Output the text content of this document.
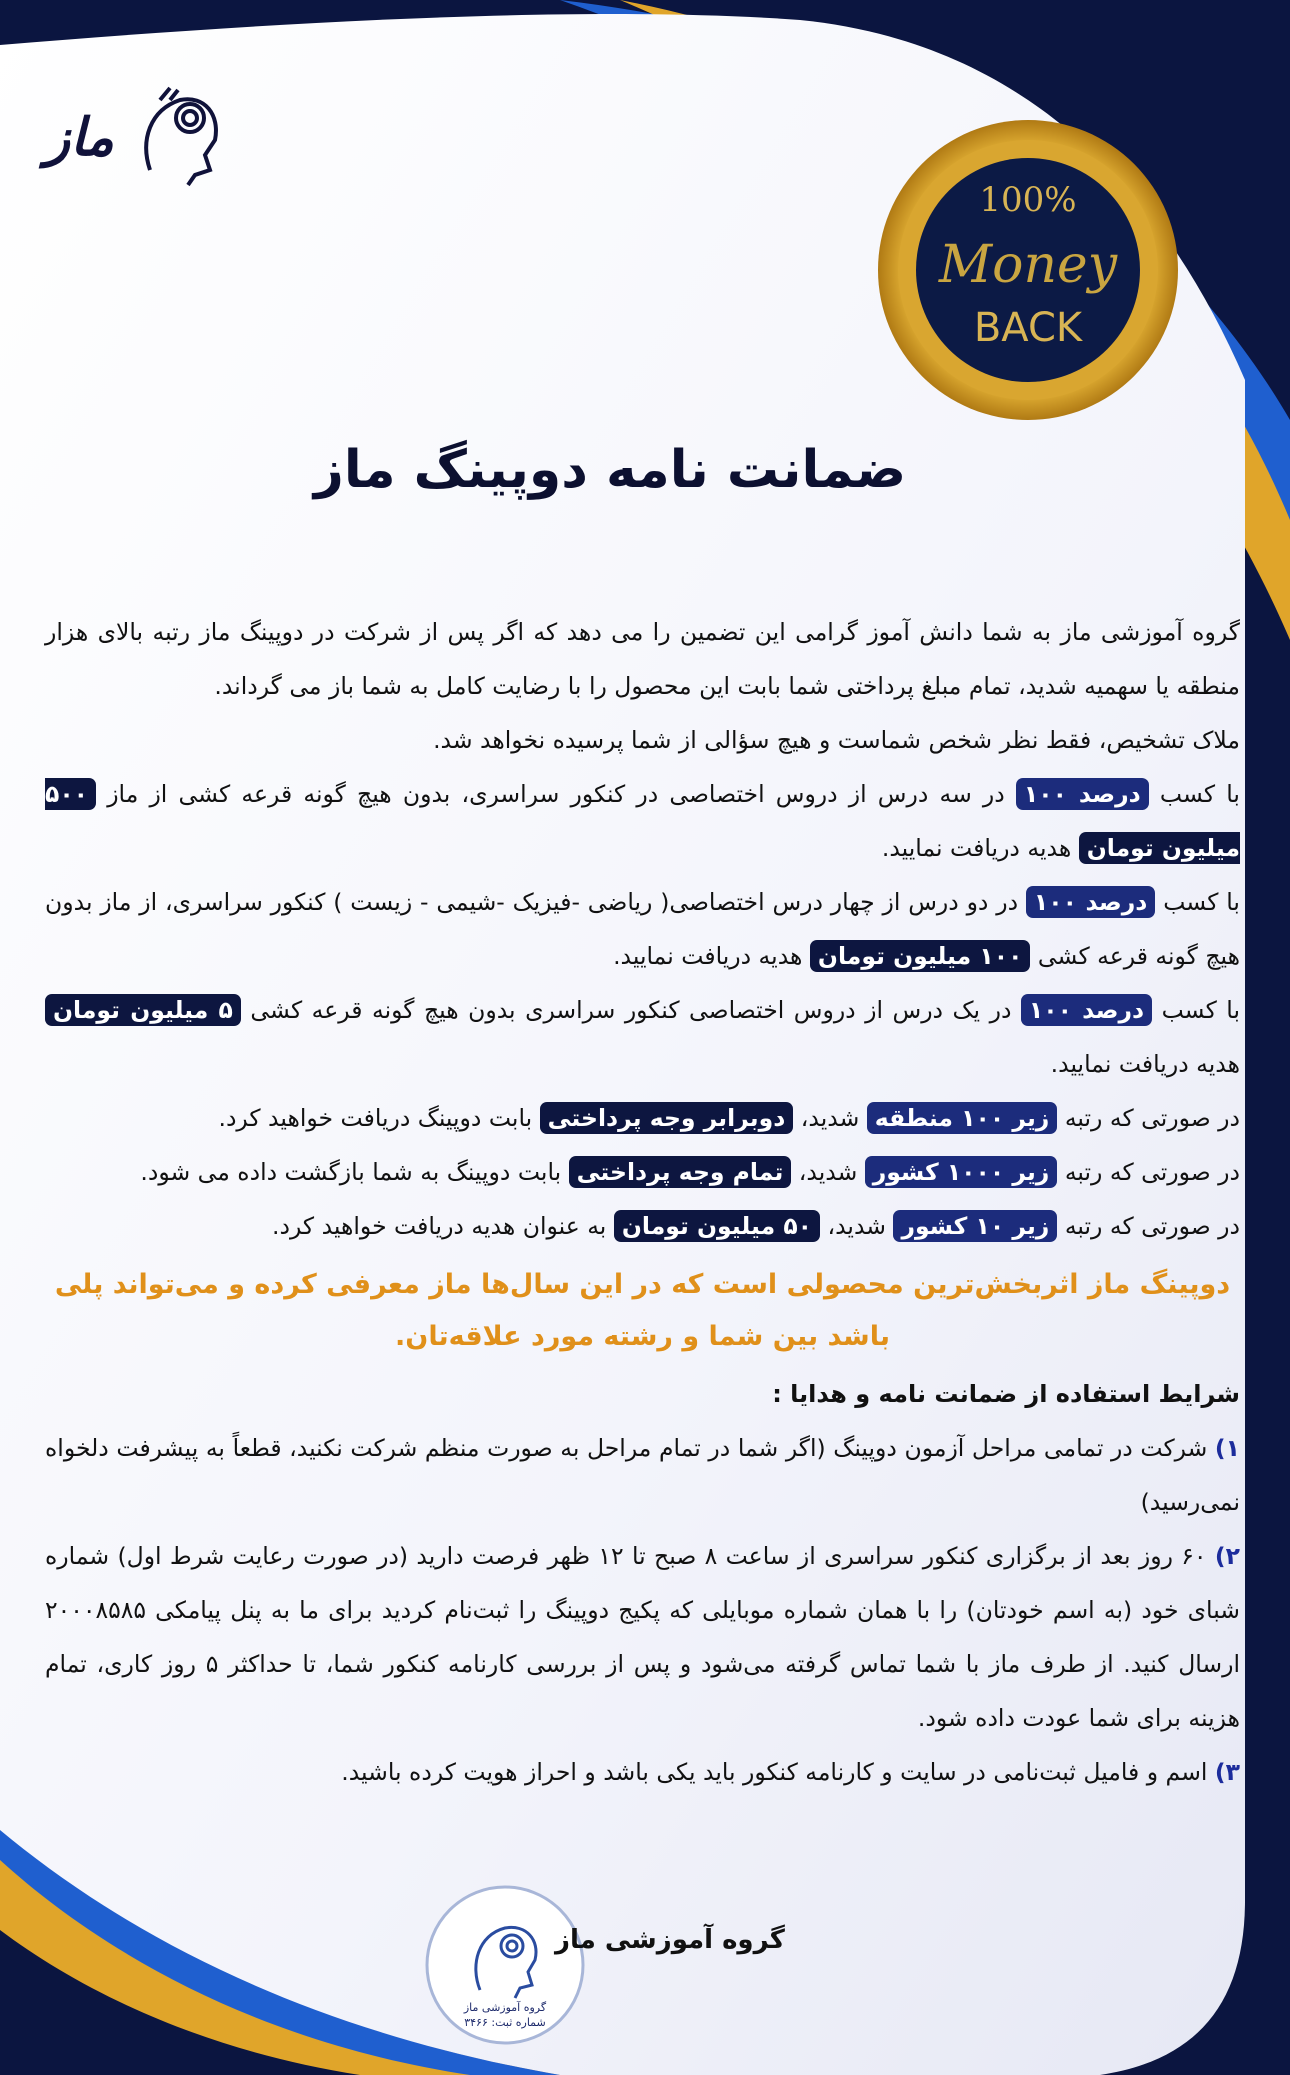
ماز
100%
Money
BACK
ضمانت نامه دوپینگ ماز

گروه آموزشی ماز به شما دانش آموز گرامی این تضمین را می دهد که اگر پس از شرکت در دوپینگ ماز رتبه بالای هزار منطقه یا سهمیه شدید، تمام مبلغ پرداختی شما بابت این محصول را با رضایت کامل به شما باز می گرداند.

ملاک تشخیص، فقط نظر شخص شماست و هیچ سؤالی از شما پرسیده نخواهد شد.

با کسب درصد ۱۰۰ در سه درس از دروس اختصاصی در کنکور سراسری، بدون هیچ گونه قرعه کشی از ماز ۵۰۰ میلیون تومان هدیه دریافت نمایید.

با کسب درصد ۱۰۰ در دو درس از چهار درس اختصاصی( ریاضی -فیزیک -شیمی - زیست ) کنکور سراسری، از ماز بدون هیچ گونه قرعه کشی ۱۰۰ میلیون تومان هدیه دریافت نمایید.

با کسب درصد ۱۰۰ در یک درس از دروس اختصاصی کنکور سراسری بدون هیچ گونه قرعه کشی ۵ میلیون تومان هدیه دریافت نمایید.

در صورتی که رتبه زیر ۱۰۰ منطقه شدید، دوبرابر وجه پرداختی بابت دوپینگ دریافت خواهید کرد.

در صورتی که رتبه زیر ۱۰۰۰ کشور شدید، تمام وجه پرداختی بابت دوپینگ به شما بازگشت داده می شود.

در صورتی که رتبه زیر ۱۰ کشور شدید، ۵۰ میلیون تومان به عنوان هدیه دریافت خواهید کرد.

دوپینگ ماز اثربخش‌ترین محصولی است که در این سال‌ها ماز معرفی کرده و می‌تواند پلی باشد بین شما و رشته مورد علاقه‌تان.

شرایط استفاده از ضمانت نامه و هدایا :

۱) شرکت در تمامی مراحل آزمون دوپینگ (اگر شما در تمام مراحل به صورت منظم شرکت نکنید، قطعاً به پیشرفت دلخواه نمی‌رسید)

۲) ۶۰ روز بعد از برگزاری کنکور سراسری از ساعت ۸ صبح تا ۱۲ ظهر فرصت دارید (در صورت رعایت شرط اول) شماره شبای خود (به اسم خودتان) را با همان شماره موبایلی که پکیج دوپینگ را ثبت‌نام کردید برای ما به پنل پیامکی ۲۰۰۰۸۵۸۵ ارسال کنید. از طرف ماز با شما تماس گرفته می‌شود و پس از بررسی کارنامه کنکور شما، تا حداکثر ۵ روز کاری، تمام هزینه برای شما عودت داده شود.

۳) اسم و فامیل ثبت‌نامی در سایت و کارنامه کنکور باید یکی باشد و احراز هویت کرده باشید.

گروه آموزشی ماز
گروه آموزشی ماز
شماره ثبت: ۳۴۶۶
